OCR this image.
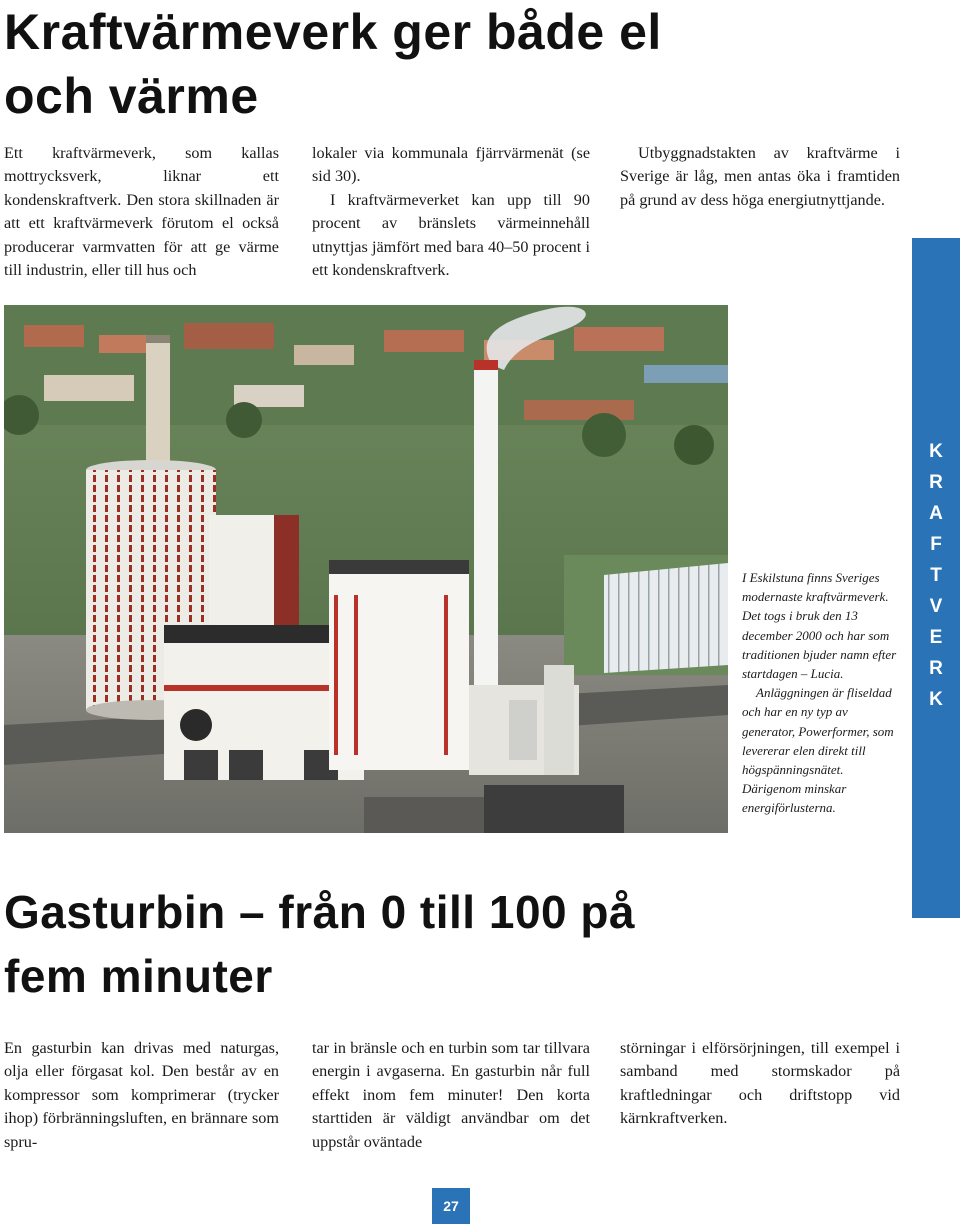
Kraftvärmeverk ger både el och värme

Ett kraftvärmeverk, som kallas mottrycksverk, liknar ett kondenskraftverk. Den stora skillnaden är att ett kraftvärmeverk förutom el också producerar varmvatten för att ge värme till industrin, eller till hus och

lokaler via kommunala fjärrvärmenät (se sid 30).

I kraftvärmeverket kan upp till 90 procent av bränslets värmeinnehåll utnyttjas jämfört med bara 40–50 procent i ett kondenskraftverk.

Utbyggnadstakten av kraftvärme i Sverige är låg, men antas öka i framtiden på grund av dess höga energiutnyttjande.

I Eskilstuna finns Sveriges modernaste kraftvärmeverk. Det togs i bruk den 13 december 2000 och har som traditionen bjuder namn efter startdagen – Lucia.

Anläggningen är fliseldad och har en ny typ av generator, Powerformer, som levererar elen direkt till högspänningsnätet. Därigenom minskar energiförlusterna.

K
R
A
F
T
V
E
R
K
Gasturbin – från 0 till 100 på fem minuter

En gasturbin kan drivas med naturgas, olja eller förgasat kol. Den består av en kompressor som komprimerar (trycker ihop) förbränningsluften, en brännare som spru-

tar in bränsle och en turbin som tar tillvara energin i avgaserna. En gasturbin når full effekt inom fem minuter! Den korta starttiden är väldigt användbar om det uppstår oväntade

störningar i elförsörjningen, till exempel i samband med stormskador på kraftledningar och driftstopp vid kärnkraftverken.

27
